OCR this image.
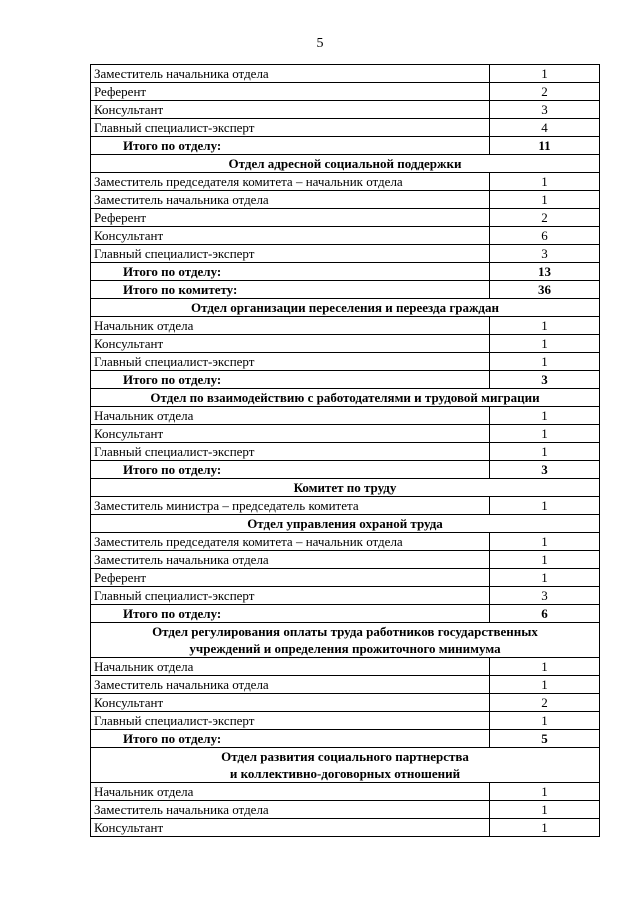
5
Заместитель начальника отдела	1
Референт	2
Консультант	3
Главный специалист-эксперт	4
Итого по отделу:	11
Отдел адресной социальной поддержки	
Заместитель председателя комитета – начальник отдела	1
Заместитель начальника отдела	1
Референт	2
Консультант	6
Главный специалист-эксперт	3
Итого по отделу:	13
Итого по комитету:	36
Отдел организации переселения и переезда граждан	
Начальник отдела	1
Консультант	1
Главный специалист-эксперт	1
Итого по отделу:	3
Отдел по взаимодействию с работодателями и трудовой миграции	
Начальник отдела	1
Консультант	1
Главный специалист-эксперт	1
Итого по отделу:	3
Комитет по труду	
Заместитель министра – председатель комитета	1
Отдел управления охраной труда	
Заместитель председателя комитета – начальник отдела	1
Заместитель начальника отдела	1
Референт	1
Главный специалист-эксперт	3
Итого по отделу:	6
Отдел регулирования оплаты труда работников государственных
учреждений и определения прожиточного минимума	
Начальник отдела	1
Заместитель начальника отдела	1
Консультант	2
Главный специалист-эксперт	1
Итого по отделу:	5
Отдел развития социального партнерства
и коллективно-договорных отношений	
Начальник отдела	1
Заместитель начальника отдела	1
Консультант	1
